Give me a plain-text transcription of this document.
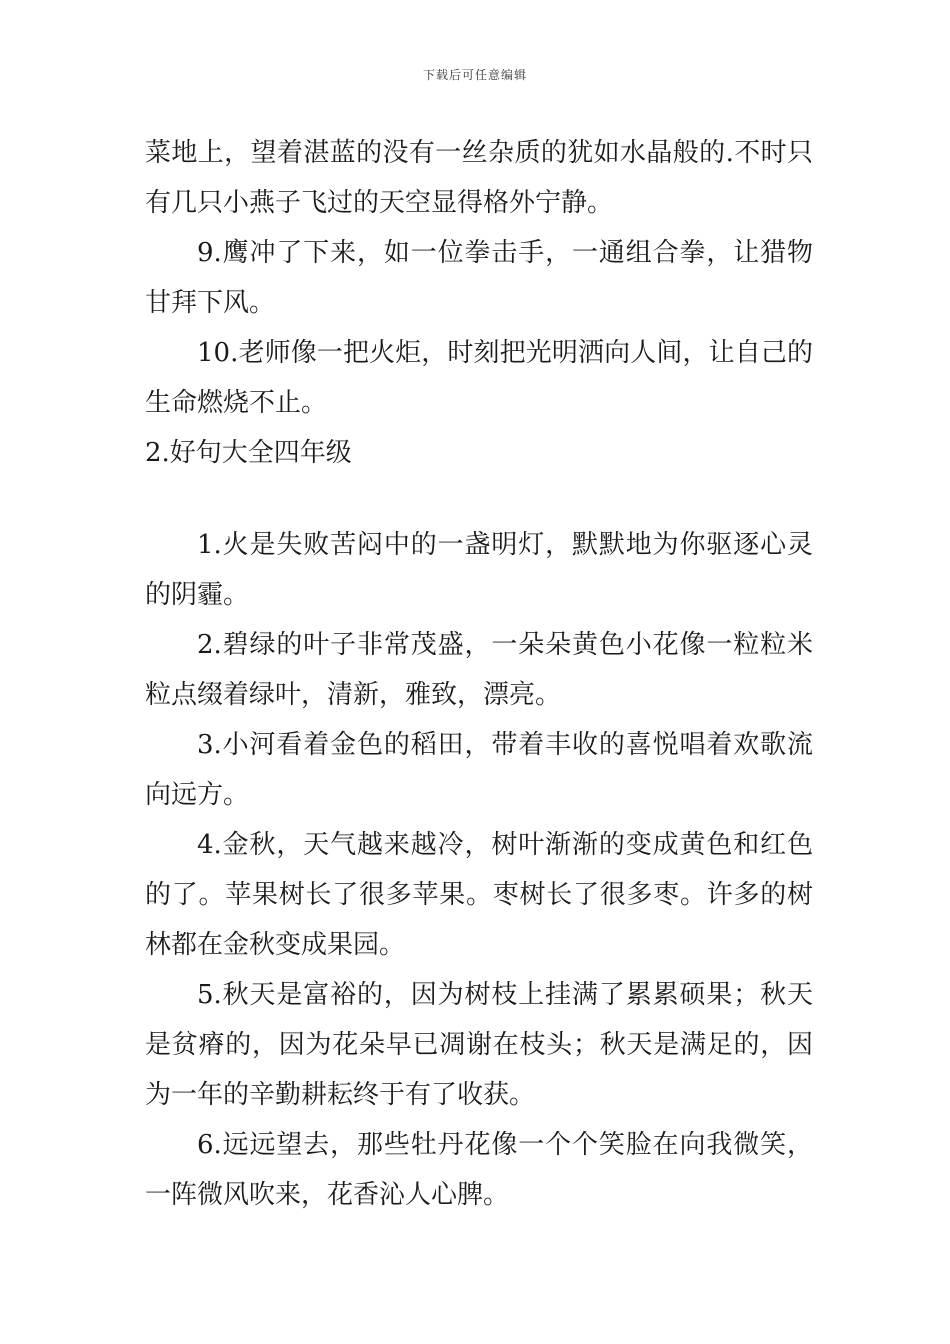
下载后可任意编辑

菜地上，望着湛蓝的没有一丝杂质的犹如水晶般的.不时只有几只小燕子飞过的天空显得格外宁静。

9.鹰冲了下来，如一位拳击手，一通组合拳，让猎物甘拜下风。

10.老师像一把火炬，时刻把光明洒向人间，让自己的生命燃烧不止。

2.好句大全四年级

1.火是失败苦闷中的一盏明灯，默默地为你驱逐心灵的阴霾。

2.碧绿的叶子非常茂盛，一朵朵黄色小花像一粒粒米粒点缀着绿叶，清新，雅致，漂亮。

3.小河看着金色的稻田，带着丰收的喜悦唱着欢歌流向远方。

4.金秋，天气越来越冷，树叶渐渐的变成黄色和红色的了。苹果树长了很多苹果。枣树长了很多枣。许多的树林都在金秋变成果园。

5.秋天是富裕的，因为树枝上挂满了累累硕果；秋天是贫瘠的，因为花朵早已凋谢在枝头；秋天是满足的，因为一年的辛勤耕耘终于有了收获。

6.远远望去，那些牡丹花像一个个笑脸在向我微笑，一阵微风吹来，花香沁人心脾。
